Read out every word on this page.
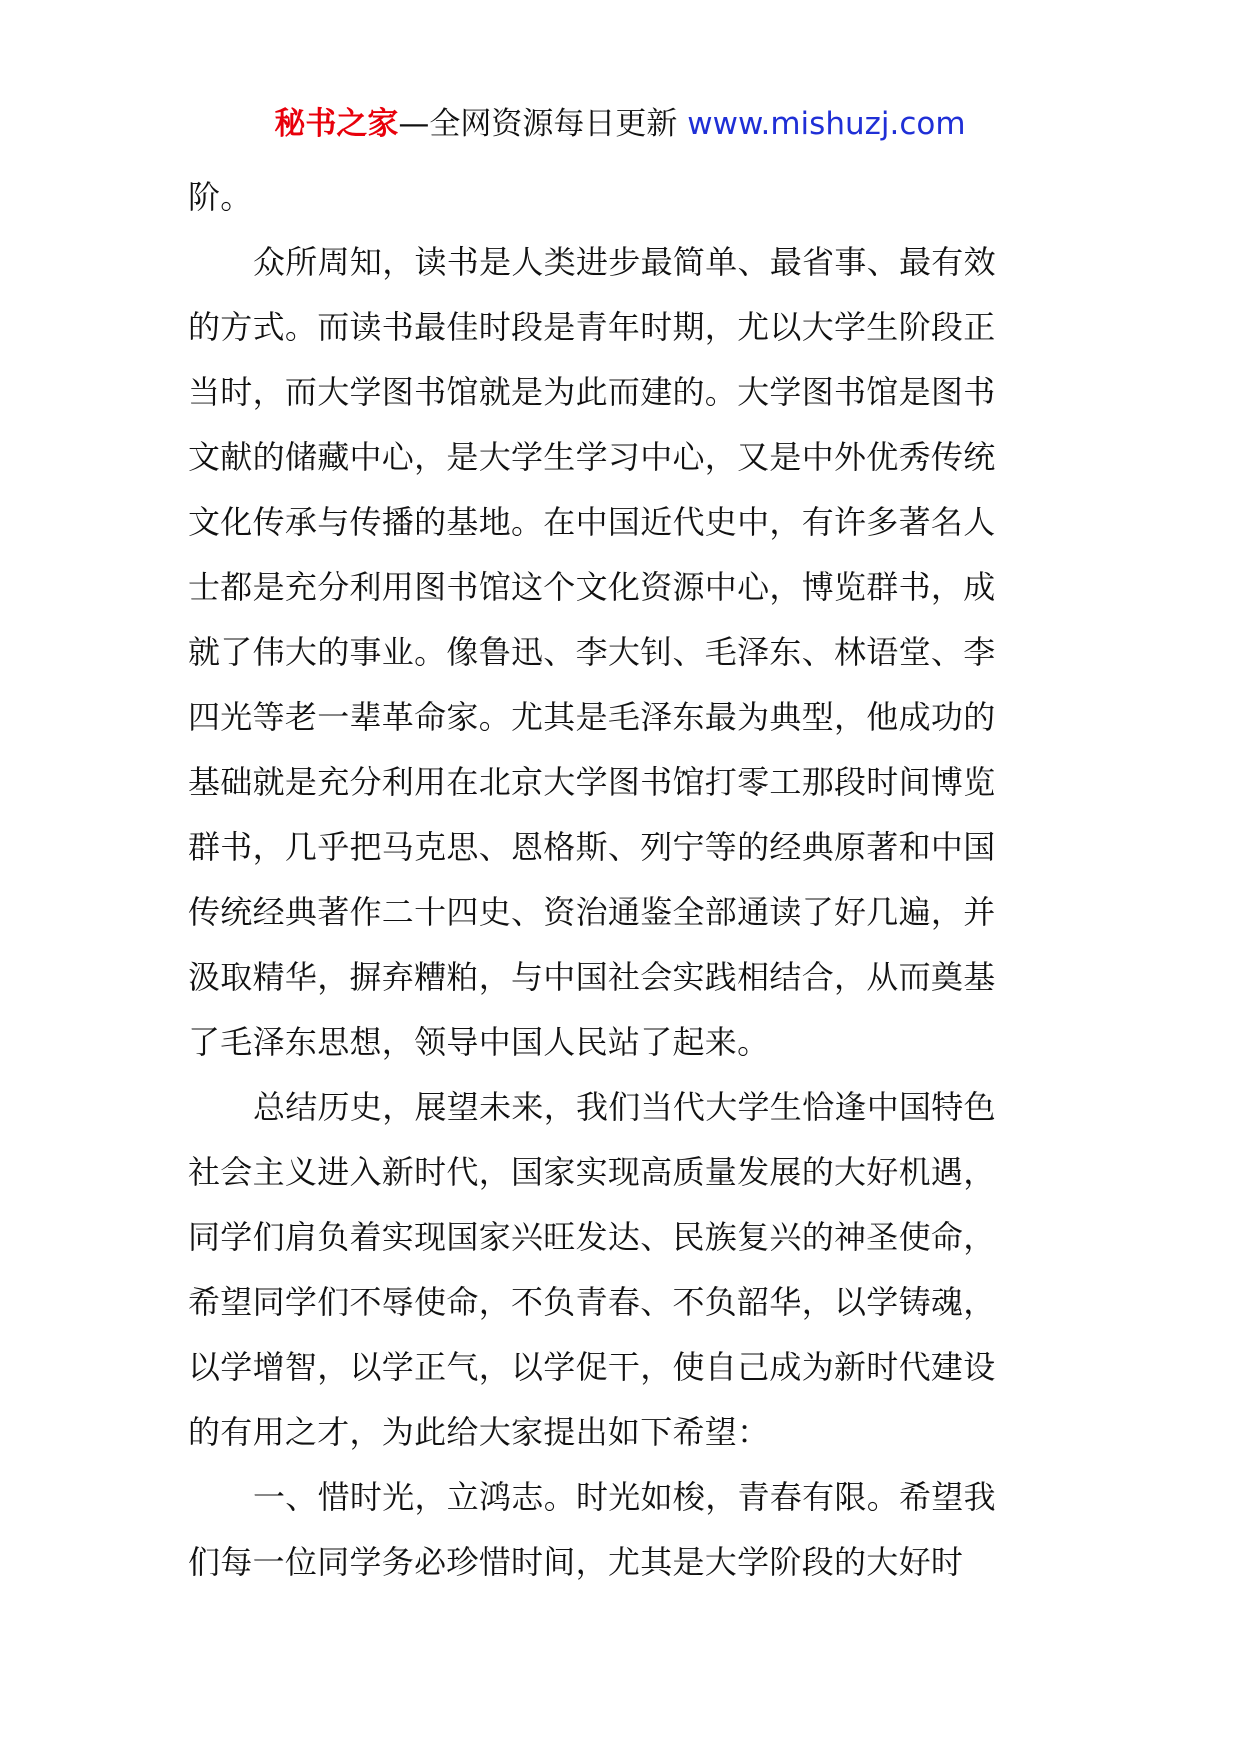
秘书之家—全网资源每日更新 www.mishuzj.com
阶。
众所周知，读书是人类进步最简单、最省事、最有效
的方式。而读书最佳时段是青年时期，尤以大学生阶段正
当时，而大学图书馆就是为此而建的。大学图书馆是图书
文献的储藏中心，是大学生学习中心，又是中外优秀传统
文化传承与传播的基地。在中国近代史中，有许多著名人
士都是充分利用图书馆这个文化资源中心，博览群书，成
就了伟大的事业。像鲁迅、李大钊、毛泽东、林语堂、李
四光等老一辈革命家。尤其是毛泽东最为典型，他成功的
基础就是充分利用在北京大学图书馆打零工那段时间博览
群书，几乎把马克思、恩格斯、列宁等的经典原著和中国
传统经典著作二十四史、资治通鉴全部通读了好几遍，并
汲取精华，摒弃糟粕，与中国社会实践相结合，从而奠基
了毛泽东思想，领导中国人民站了起来。
总结历史，展望未来，我们当代大学生恰逢中国特色
社会主义进入新时代，国家实现高质量发展的大好机遇，
同学们肩负着实现国家兴旺发达、民族复兴的神圣使命，
希望同学们不辱使命，不负青春、不负韶华，以学铸魂，
以学增智，以学正气，以学促干，使自己成为新时代建设
的有用之才，为此给大家提出如下希望：
一、惜时光，立鸿志。时光如梭，青春有限。希望我
们每一位同学务必珍惜时间，尤其是大学阶段的大好时
